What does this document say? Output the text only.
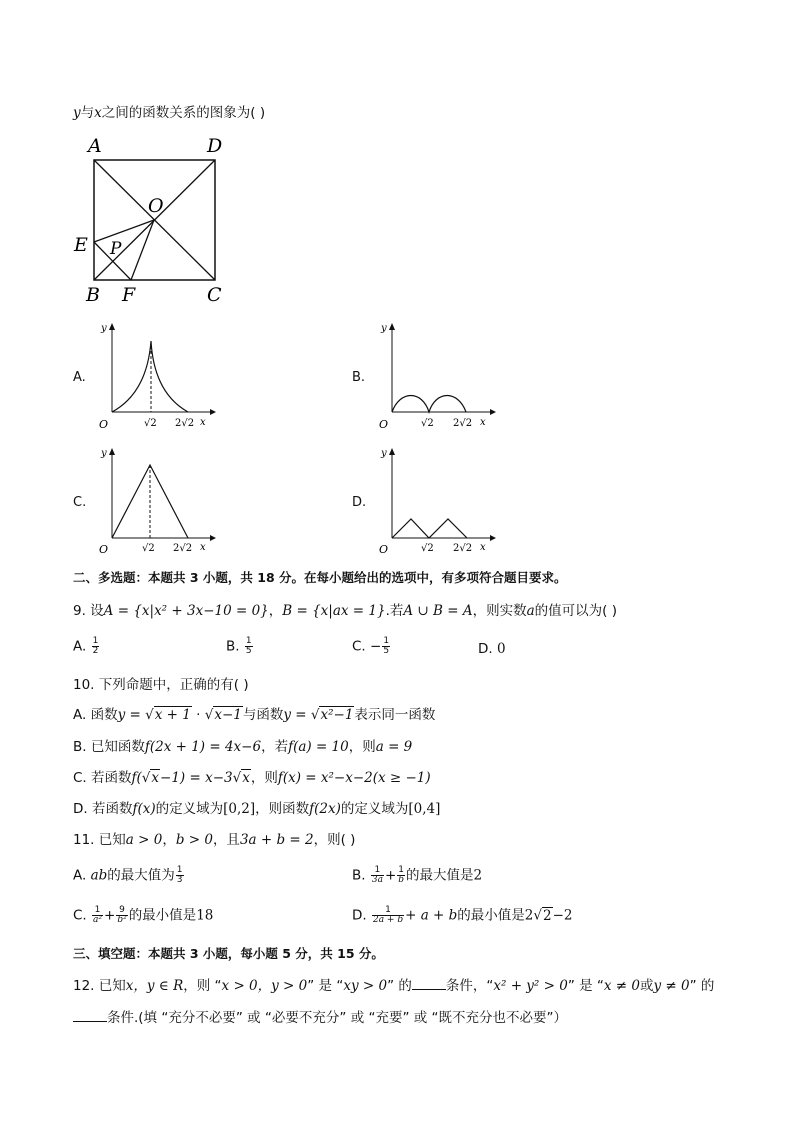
y与x之间的函数关系的图象为( )
A	D
O
E P
B F	C
A.
y
x
O	√2 2√2
B.
y
x
O	√2 2√2
C.
y
x
O	√2 2√2
D.
y
x
O	√2 2√2
二、多选题：本题共 3 小题，共 18 分。在每小题给出的选项中，有多项符合题目要求。
9. 设A = {x|x² + 3x−10 = 0}，B = {x|ax = 1}.若A ∪ B = A，则实数a的值可以为( )
A. $\frac{1}{2}$	B. $\frac{1}{5}$	C. − $\frac{1}{5}$	D. 0
10. 下列命题中，正确的有( )
A. 函数y = √x + 1 · √x−1与函数y = √x²−1表示同一函数
B. 已知函数f(2x + 1) = 4x−6，若f(a) = 10，则a = 9
C. 若函数f(√x−1) = x−3√x，则f(x) = x²−x−2(x ≥ −1)
D. 若函数f(x)的定义域为[0,2]，则函数f(2x)的定义域为[0,4]
11. 已知a > 0，b > 0，且3a + b = 2，则( )
A. ab的最大值为 $\frac{1}{3}$	B. $\frac{1}{3a} + \frac{1}{b}$ 的最大值是2
C. $\frac{1}{\text{a²}} + \frac{9}{\text{b²}}$ 的最小值是18	D. $\frac{1}{2a + b} + a + b$的最小值是2√2−2
三、填空题：本题共 3 小题，每小题 5 分，共 15 分。
12. 已知x，y ∈ R，则 “x > 0，y > 0” 是 “xy > 0” 的	条件，“x² + y² > 0” 是 “x ≠ 0或y ≠ 0” 的
条件.(填 “充分不必要” 或 “必要不充分” 或 “充要” 或 “既不充分也不必要”）
